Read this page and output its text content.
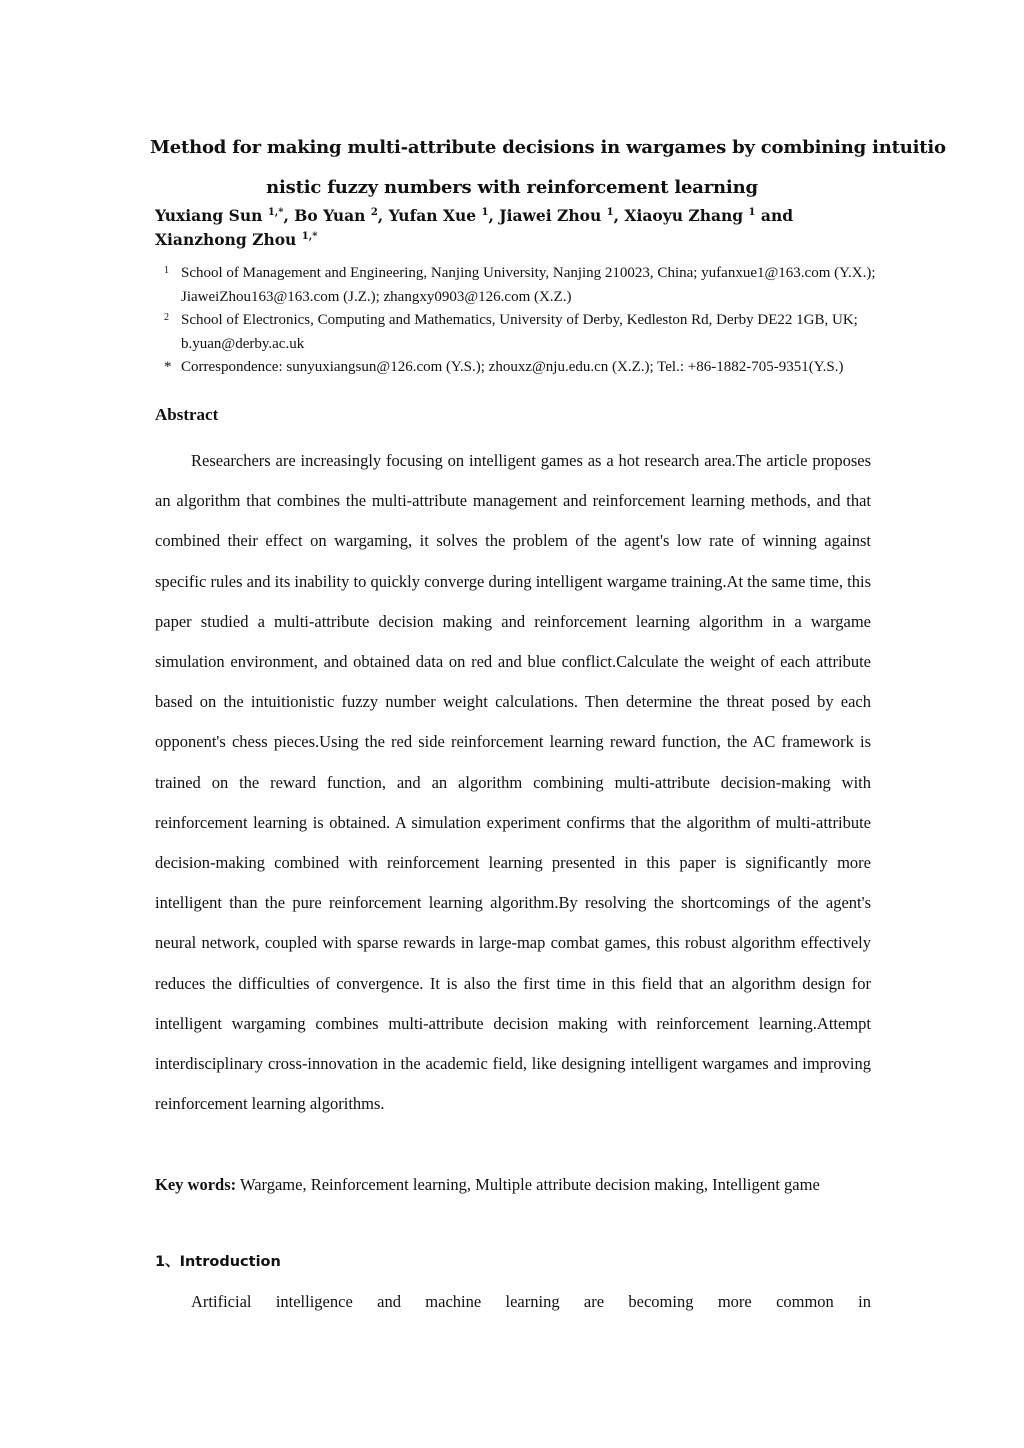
Method for making multi-attribute decisions in wargames by combining intuitio
nistic fuzzy numbers with reinforcement learning
Yuxiang Sun $^{1,*}$, Bo Yuan $^2$, Yufan Xue $^1$, Jiawei Zhou $^1$, Xiaoyu Zhang $^1$ and Xianzhong Zhou $^{1,*}$
1 School of Management and Engineering, Nanjing University, Nanjing 210023, China; yufanxue1@163.com (Y.X.); JiaweiZhou163@163.com (J.Z.); zhangxy0903@126.com (X.Z.)
2 School of Electronics, Computing and Mathematics, University of Derby, Kedleston Rd, Derby DE22 1GB, UK; b.yuan@derby.ac.uk
* Correspondence: sunyuxiangsun@126.com (Y.S.); zhouxz@nju.edu.cn (X.Z.); Tel.: +86-1882-705-9351(Y.S.)
Abstract

Researchers are increasingly focusing on intelligent games as a hot research area.The article proposes an algorithm that combines the multi-attribute management and reinforcement learning methods, and that combined their effect on wargaming, it solves the problem of the agent's low rate of winning against specific rules and its inability to quickly converge during intelligent wargame training.At the same time, this paper studied a multi-attribute decision making and reinforcement learning algorithm in a wargame simulation environment, and obtained data on red and blue conflict.Calculate the weight of each attribute based on the intuitionistic fuzzy number weight calculations. Then determine the threat posed by each opponent's chess pieces.Using the red side reinforcement learning reward function, the AC framework is trained on the reward function, and an algorithm combining multi-attribute decision-making with reinforcement learning is obtained. A simulation experiment confirms that the algorithm of multi-attribute decision-making combined with reinforcement learning presented in this paper is significantly more intelligent than the pure reinforcement learning algorithm.By resolving the shortcomings of the agent's neural network, coupled with sparse rewards in large-map combat games, this robust algorithm effectively reduces the difficulties of convergence. It is also the first time in this field that an algorithm design for intelligent wargaming combines multi-attribute decision making with reinforcement learning.Attempt interdisciplinary cross-innovation in the academic field, like designing intelligent wargames and improving reinforcement learning algorithms.

Key words: Wargame, Reinforcement learning, Multiple attribute decision making, Intelligent game

1、Introduction

Artificial intelligence and machine learning are becoming more common in
